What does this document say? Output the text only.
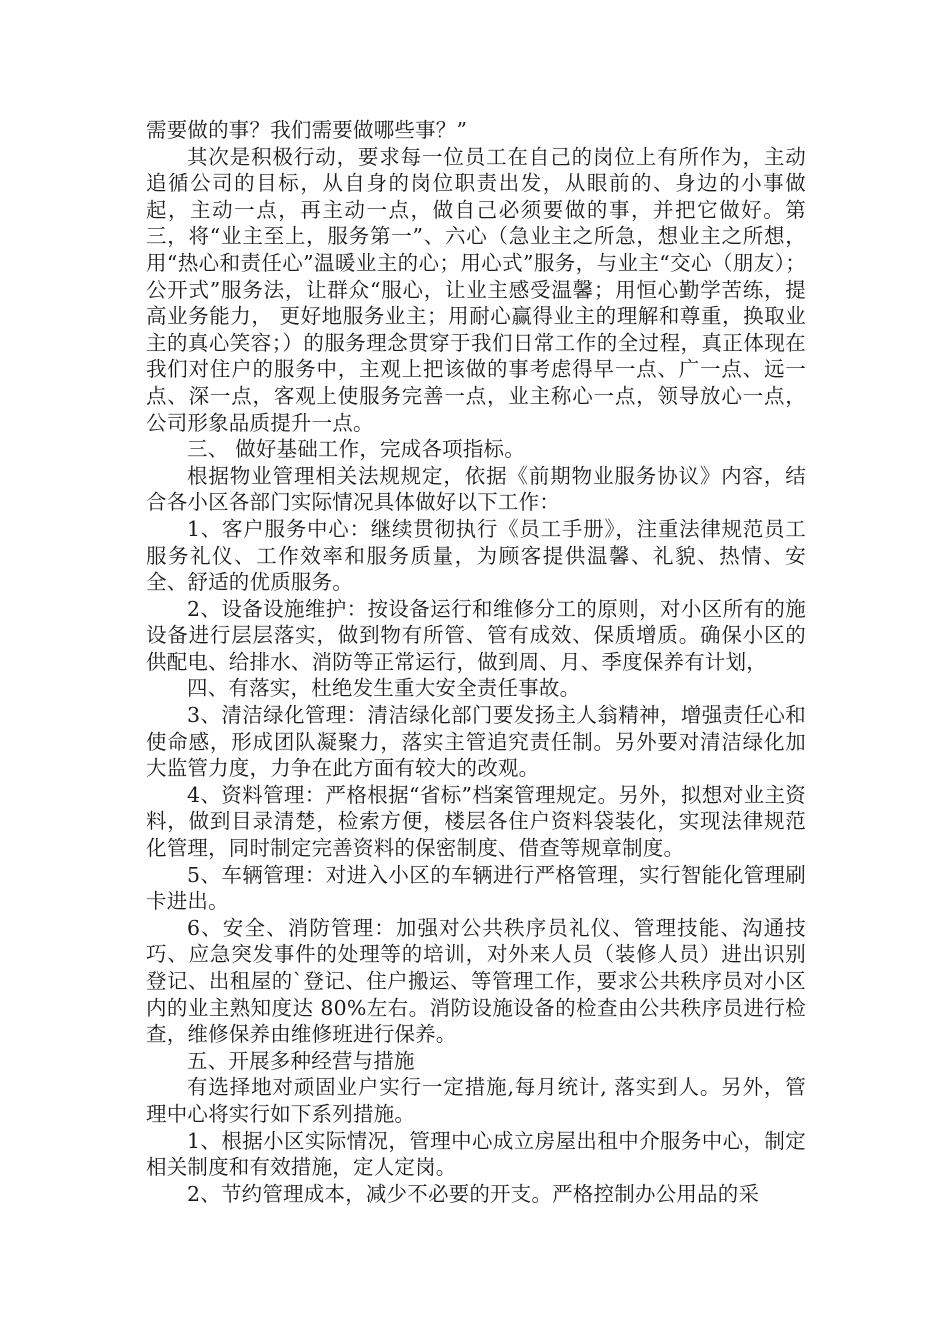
需要做的事？我们需要做哪些事？”

其次是积极行动，要求每一位员工在自己的岗位上有所作为，主动追循公司的目标，从自身的岗位职责出发，从眼前的、身边的小事做起，主动一点，再主动一点，做自己必须要做的事，并把它做好。第三，将“业主至上，服务第一”、六心（急业主之所急，想业主之所想，用“热心和责任心”温暖业主的心；用心式”服务，与业主“交心（朋友）；公开式”服务法，让群众“服心，让业主感受温馨；用恒心勤学苦练，提高业务能力， 更好地服务业主；用耐心赢得业主的理解和尊重，换取业主的真心笑容；）的服务理念贯穿于我们日常工作的全过程，真正体现在我们对住户的服务中，主观上把该做的事考虑得早一点、广一点、远一点、深一点，客观上使服务完善一点，业主称心一点，领导放心一点，公司形象品质提升一点。

三、 做好基础工作，完成各项指标。

根据物业管理相关法规规定，依据《前期物业服务协议》内容，结合各小区各部门实际情况具体做好以下工作：

1、客户服务中心：继续贯彻执行《员工手册》，注重法律规范员工服务礼仪、工作效率和服务质量，为顾客提供温馨、礼貌、热情、安全、舒适的优质服务。

2、设备设施维护：按设备运行和维修分工的原则，对小区所有的施设备进行层层落实，做到物有所管、管有成效、保质增质。确保小区的供配电、给排水、消防等正常运行，做到周、月、季度保养有计划，

四、有落实，杜绝发生重大安全责任事故。

3、清洁绿化管理：清洁绿化部门要发扬主人翁精神，增强责任心和使命感，形成团队凝聚力，落实主管追究责任制。另外要对清洁绿化加大监管力度，力争在此方面有较大的改观。

4、资料管理：严格根据“省标”档案管理规定。另外，拟想对业主资料，做到目录清楚，检索方便，楼层各住户资料袋装化，实现法律规范化管理，同时制定完善资料的保密制度、借查等规章制度。

5、车辆管理：对进入小区的车辆进行严格管理，实行智能化管理刷卡进出。

6、安全、消防管理：加强对公共秩序员礼仪、管理技能、沟通技巧、应急突发事件的处理等的培训，对外来人员（装修人员）进出识别登记、出租屋的`登记、住户搬运、等管理工作，要求公共秩序员对小区内的业主熟知度达 80%左右。消防设施设备的检查由公共秩序员进行检查，维修保养由维修班进行保养。

五、开展多种经营与措施

有选择地对顽固业户实行一定措施,每月统计, 落实到人。另外，管理中心将实行如下系列措施。

1、根据小区实际情况，管理中心成立房屋出租中介服务中心，制定相关制度和有效措施，定人定岗。

2、节约管理成本，减少不必要的开支。严格控制办公用品的采
